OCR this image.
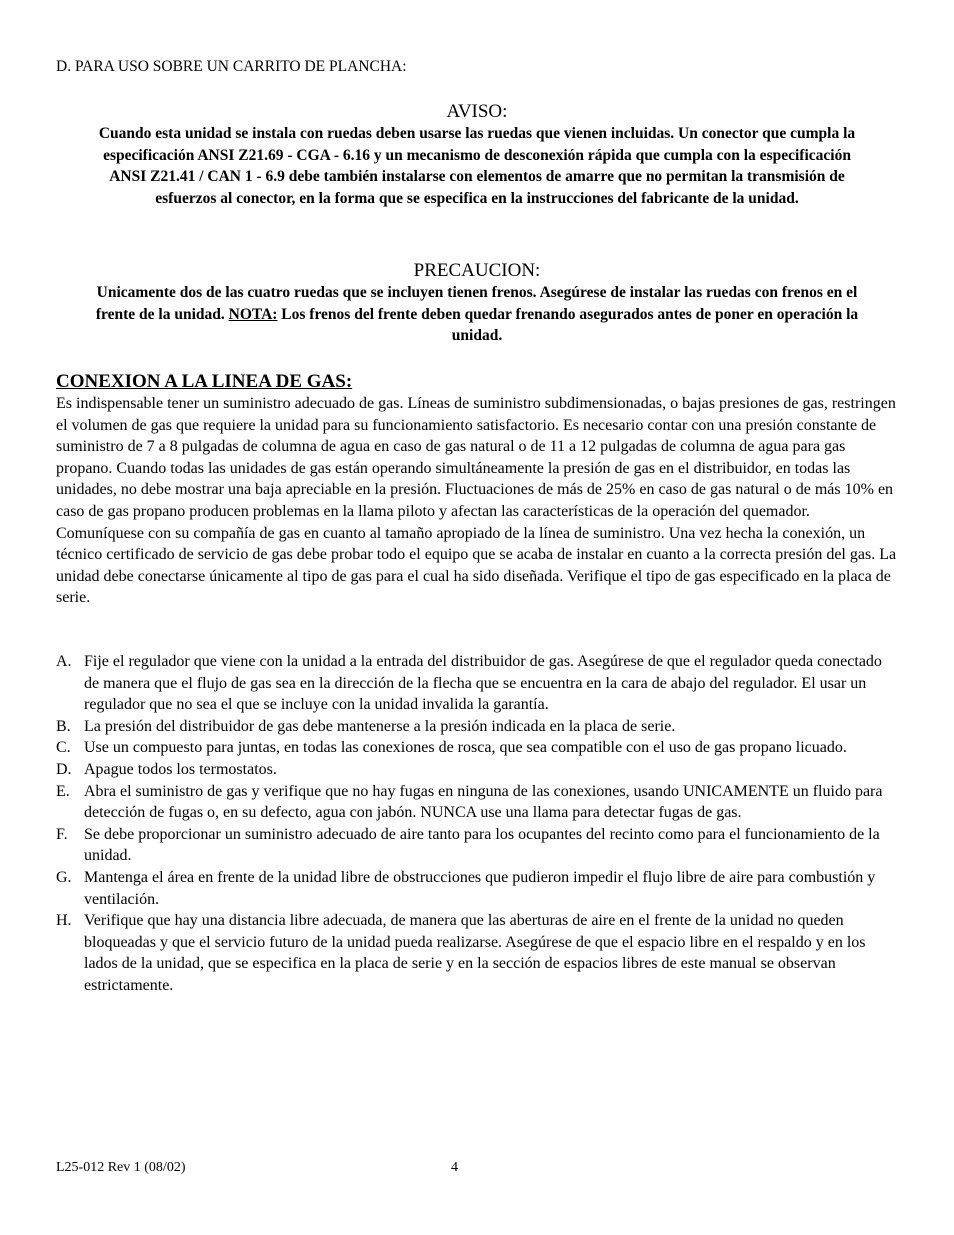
D. PARA USO SOBRE UN CARRITO DE PLANCHA:
AVISO:
Cuando esta unidad se instala con ruedas deben usarse las ruedas que vienen incluidas. Un conector que cumpla la especificación ANSI Z21.69 - CGA - 6.16 y un mecanismo de desconexión rápida que cumpla con la especificación ANSI Z21.41 / CAN 1 - 6.9 debe también instalarse con elementos de amarre que no permitan la transmisión de esfuerzos al conector, en la forma que se especifica en la instrucciones del fabricante de la unidad.
PRECAUCION:
Unicamente dos de las cuatro ruedas que se incluyen tienen frenos. Asegúrese de instalar las ruedas con frenos en el frente de la unidad. NOTA: Los frenos del frente deben quedar frenando asegurados antes de poner en operación la unidad.
CONEXION A LA LINEA DE GAS:
Es indispensable tener un suministro adecuado de gas. Líneas de suministro subdimensionadas, o bajas presiones de gas, restringen el volumen de gas que requiere la unidad para su funcionamiento satisfactorio. Es necesario contar con una presión constante de suministro de 7 a 8 pulgadas de columna de agua en caso de gas natural o de 11 a 12 pulgadas de columna de agua para gas propano. Cuando todas las unidades de gas están operando simultáneamente la presión de gas en el distribuidor, en todas las unidades, no debe mostrar una baja apreciable en la presión. Fluctuaciones de más de 25% en caso de gas natural o de más 10% en caso de gas propano producen problemas en la llama piloto y afectan las características de la operación del quemador. Comuníquese con su compañía de gas en cuanto al tamaño apropiado de la línea de suministro. Una vez hecha la conexión, un técnico certificado de servicio de gas debe probar todo el equipo que se acaba de instalar en cuanto a la correcta presión del gas. La unidad debe conectarse únicamente al tipo de gas para el cual ha sido diseñada. Verifique el tipo de gas especificado en la placa de serie.
A. Fije el regulador que viene con la unidad a la entrada del distribuidor de gas. Asegúrese de que el regulador queda conectado de manera que el flujo de gas sea en la dirección de la flecha que se encuentra en la cara de abajo del regulador. El usar un regulador que no sea el que se incluye con la unidad invalida la garantía.
B. La presión del distribuidor de gas debe mantenerse a la presión indicada en la placa de serie.
C. Use un compuesto para juntas, en todas las conexiones de rosca, que sea compatible con el uso de gas propano licuado.
D. Apague todos los termostatos.
E. Abra el suministro de gas y verifique que no hay fugas en ninguna de las conexiones, usando UNICAMENTE un fluido para detección de fugas o, en su defecto, agua con jabón. NUNCA use una llama para detectar fugas de gas.
F. Se debe proporcionar un suministro adecuado de aire tanto para los ocupantes del recinto como para el funcionamiento de la unidad.
G. Mantenga el área en frente de la unidad libre de obstrucciones que pudieron impedir el flujo libre de aire para combustión y ventilación.
H. Verifique que hay una distancia libre adecuada, de manera que las aberturas de aire en el frente de la unidad no queden bloqueadas y que el servicio futuro de la unidad pueda realizarse. Asegúrese de que el espacio libre en el respaldo y en los lados de la unidad, que se especifica en la placa de serie y en la sección de espacios libres de este manual se observan estrictamente.
L25-012 Rev 1 (08/02)	4
